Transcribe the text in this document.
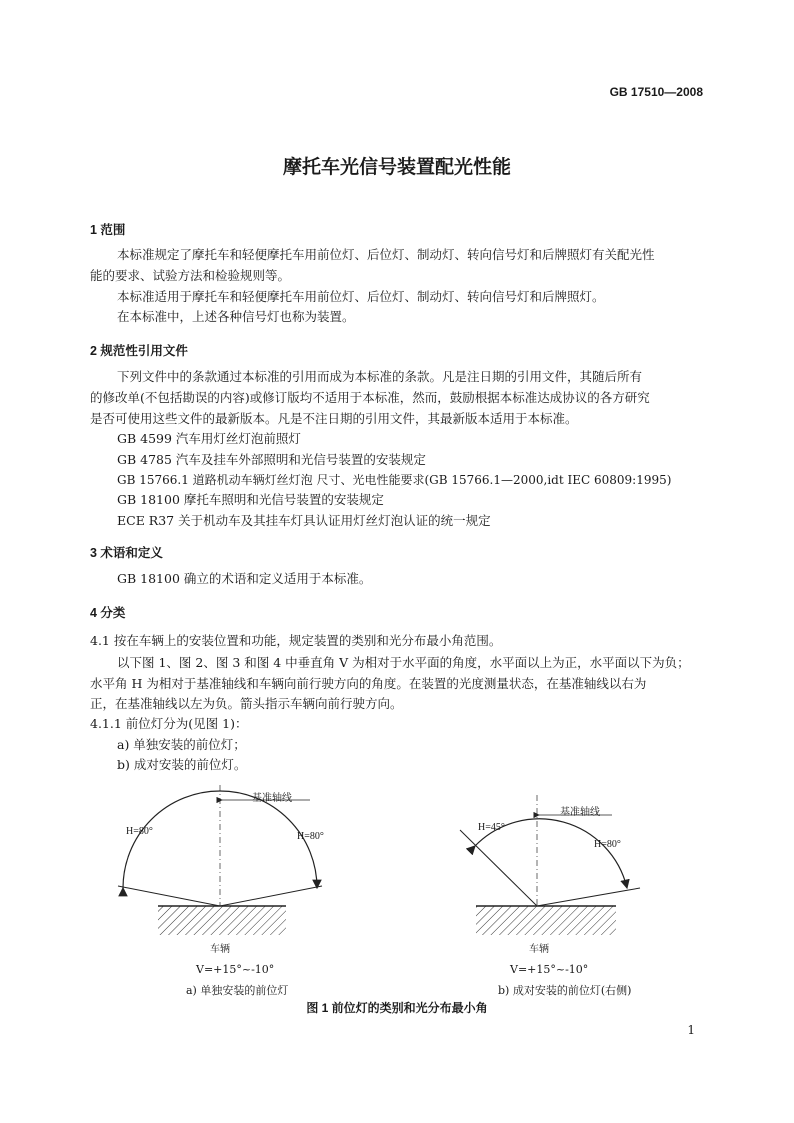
GB 17510—2008
摩托车光信号装置配光性能
1 范围
本标准规定了摩托车和轻便摩托车用前位灯、后位灯、制动灯、转向信号灯和后牌照灯有关配光性
能的要求、试验方法和检验规则等。
本标准适用于摩托车和轻便摩托车用前位灯、后位灯、制动灯、转向信号灯和后牌照灯。
在本标准中，上述各种信号灯也称为装置。
2 规范性引用文件
下列文件中的条款通过本标准的引用而成为本标准的条款。凡是注日期的引用文件，其随后所有
的修改单(不包括勘误的内容)或修订版均不适用于本标准，然而，鼓励根据本标准达成协议的各方研究
是否可使用这些文件的最新版本。凡是不注日期的引用文件，其最新版本适用于本标准。
GB 4599 汽车用灯丝灯泡前照灯
GB 4785 汽车及挂车外部照明和光信号装置的安装规定
GB 15766.1 道路机动车辆灯丝灯泡 尺寸、光电性能要求(GB 15766.1—2000,idt IEC 60809:1995)
GB 18100 摩托车照明和光信号装置的安装规定
ECE R37 关于机动车及其挂车灯具认证用灯丝灯泡认证的统一规定
3 术语和定义
GB 18100 确立的术语和定义适用于本标准。
4 分类
4.1 按在车辆上的安装位置和功能，规定装置的类别和光分布最小角范围。
以下图 1、图 2、图 3 和图 4 中垂直角 V 为相对于水平面的角度，水平面以上为正，水平面以下为负；
水平角 H 为相对于基准轴线和车辆向前行驶方向的角度。在装置的光度测量状态，在基准轴线以右为
正，在基准轴线以左为负。箭头指示车辆向前行驶方向。
4.1.1 前位灯分为(见图 1)：
a) 单独安装的前位灯；
b) 成对安装的前位灯。
基准轴线
H=80°	H=80°
车辆
V=+15°~-10°
a) 单独安装的前位灯
基准轴线
H=45°
H=80°
车辆
V=+15°~-10°
b) 成对安装的前位灯(右侧)
图 1 前位灯的类别和光分布最小角
1
